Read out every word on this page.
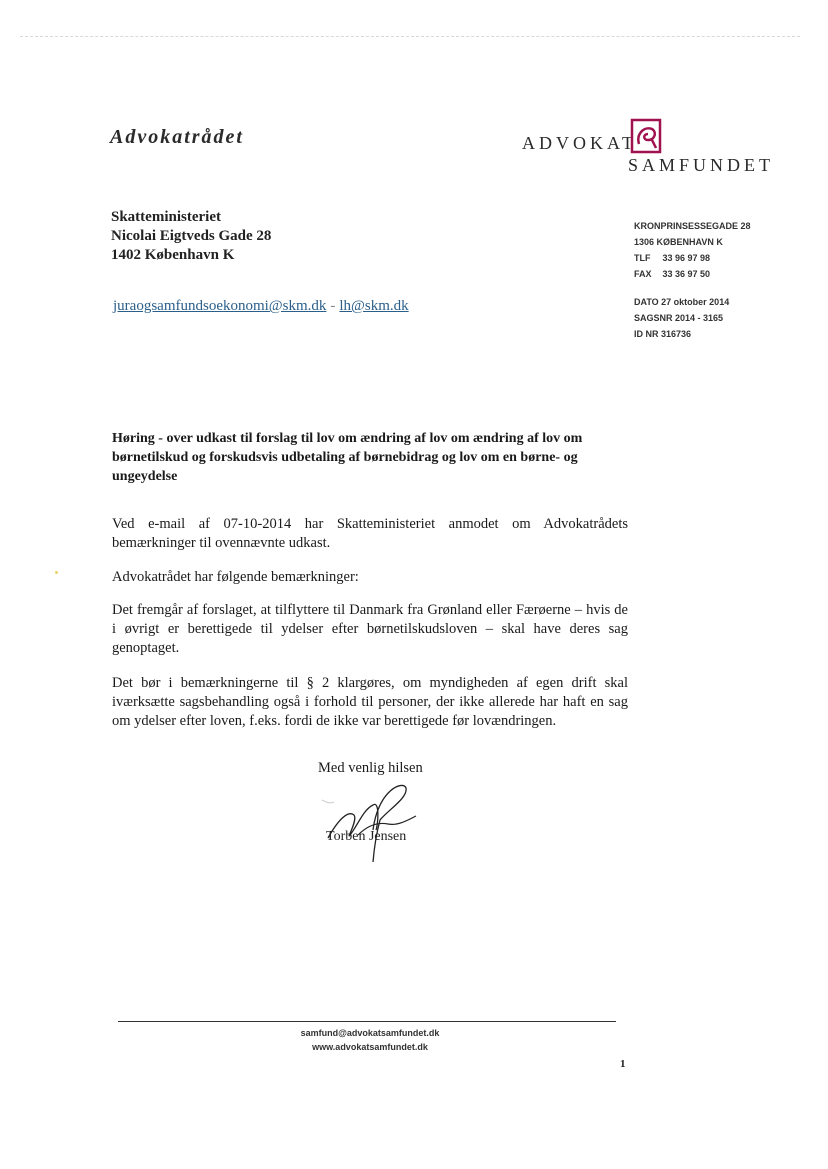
Advokatrådet	ADVOKAT
SAMFUNDET
Skatteministeriet
Nicolai Eigtveds Gade 28
1402 København K
juraogsamfundsoekonomi@skm.dk - lh@skm.dk
KRONPRINSESSEGADE 28
1306 KØBENHAVN K
TLF 33 96 97 98
FAX 33 36 97 50
DATO 27 oktober 2014
SAGSNR 2014 - 3165
ID NR 316736
Høring - over udkast til forslag til lov om ændring af lov om ændring af lov om børnetilskud og forskudsvis udbetaling af børnebidrag og lov om en børne- og ungeydelse
Ved e-mail af 07-10-2014 har Skatteministeriet anmodet om Advokatrådets bemærkninger til ovennævnte udkast.
Advokatrådet har følgende bemærkninger:
Det fremgår af forslaget, at tilflyttere til Danmark fra Grønland eller Færøerne – hvis de i øvrigt er berettigede til ydelser efter børnetilskudsloven – skal have deres sag genoptaget.
Det bør i bemærkningerne til § 2 klargøres, om myndigheden af egen drift skal iværksætte sagsbehandling også i forhold til personer, der ikke allerede har haft en sag om ydelser efter loven, f.eks. fordi de ikke var berettigede før lovændringen.
Med venlig hilsen
Torben Jensen
samfund@advokatsamfundet.dk
www.advokatsamfundet.dk
1
